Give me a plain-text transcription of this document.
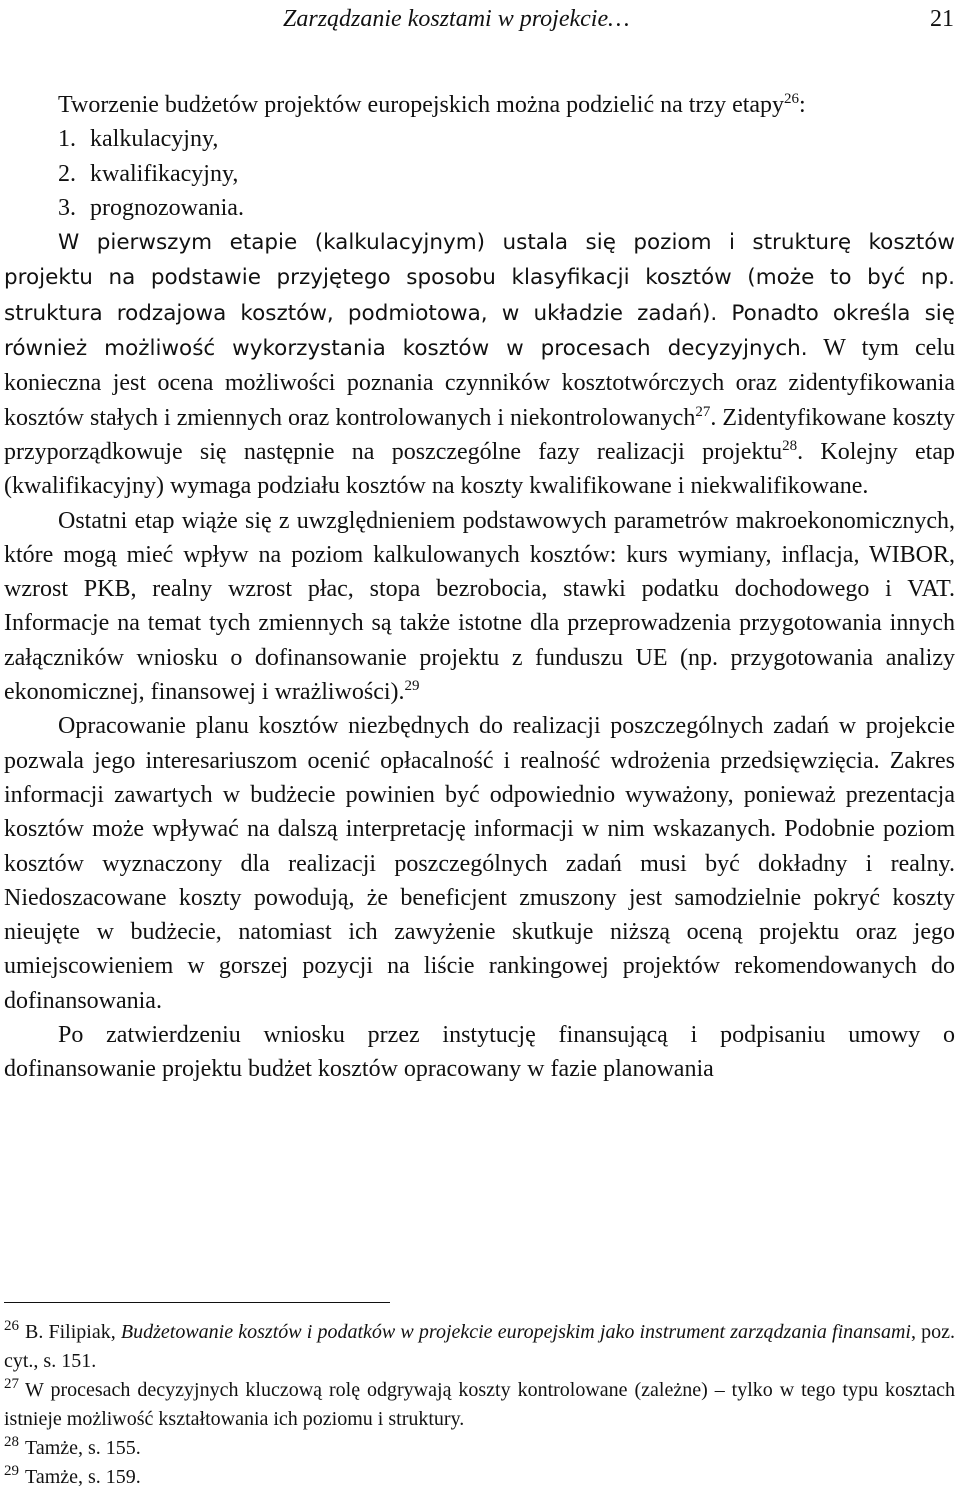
Zarządzanie kosztami w projekcie…	21

Tworzenie budżetów projektów europejskich można podzielić na trzy etapy$^{26}$:

1. kalkulacyjny,
2. kwalifikacyjny,
3. prognozowania.

W pierwszym etapie (kalkulacyjnym) ustala się poziom i strukturę kosztów projektu na podstawie przyjętego sposobu klasyfikacji kosztów (może to być np. struktura rodzajowa kosztów, podmiotowa, w układzie zadań). Ponadto określa się również możliwość wykorzystania kosztów w procesach decyzyjnych. W tym celu konieczna jest ocena możliwości poznania czynników kosztotwórczych oraz zidentyfikowania kosztów stałych i zmiennych oraz kontrolowanych i niekontrolowanych$^{27}$. Zidentyfikowane koszty przyporządkowuje się następnie na poszczególne fazy realizacji projektu$^{28}$. Kolejny etap (kwalifikacyjny) wymaga podziału kosztów na koszty kwalifikowane i niekwalifikowane.

Ostatni etap wiąże się z uwzględnieniem podstawowych parametrów makroekonomicznych, które mogą mieć wpływ na poziom kalkulowanych kosztów: kurs wymiany, inflacja, WIBOR, wzrost PKB, realny wzrost płac, stopa bezrobocia, stawki podatku dochodowego i VAT. Informacje na temat tych zmiennych są także istotne dla przeprowadzenia przygotowania innych załączników wniosku o dofinansowanie projektu z funduszu UE (np. przygotowania analizy ekonomicznej, finansowej i wrażliwości).$^{29}$

Opracowanie planu kosztów niezbędnych do realizacji poszczególnych zadań w projekcie pozwala jego interesariuszom ocenić opłacalność i realność wdrożenia przedsięwzięcia. Zakres informacji zawartych w budżecie powinien być odpowiednio wyważony, ponieważ prezentacja kosztów może wpływać na dalszą interpretację informacji w nim wskazanych. Podobnie poziom kosztów wyznaczony dla realizacji poszczególnych zadań musi być dokładny i realny. Niedoszacowane koszty powodują, że beneficjent zmuszony jest samodzielnie pokryć koszty nieujęte w budżecie, natomiast ich zawyżenie skutkuje niższą oceną projektu oraz jego umiejscowieniem w gorszej pozycji na liście rankingowej projektów rekomendowanych do dofinansowania.

Po zatwierdzeniu wniosku przez instytucję finansującą i podpisaniu umowy o dofinansowanie projektu budżet kosztów opracowany w fazie planowania

$^{26}$ B. Filipiak, Budżetowanie kosztów i podatków w projekcie europejskim jako instrument zarządzania finansami, poz. cyt., s. 151.

$^{27}$ W procesach decyzyjnych kluczową rolę odgrywają koszty kontrolowane (zależne) – tylko w tego typu kosztach istnieje możliwość kształtowania ich poziomu i struktury.

$^{28}$ Tamże, s. 155.

$^{29}$ Tamże, s. 159.
